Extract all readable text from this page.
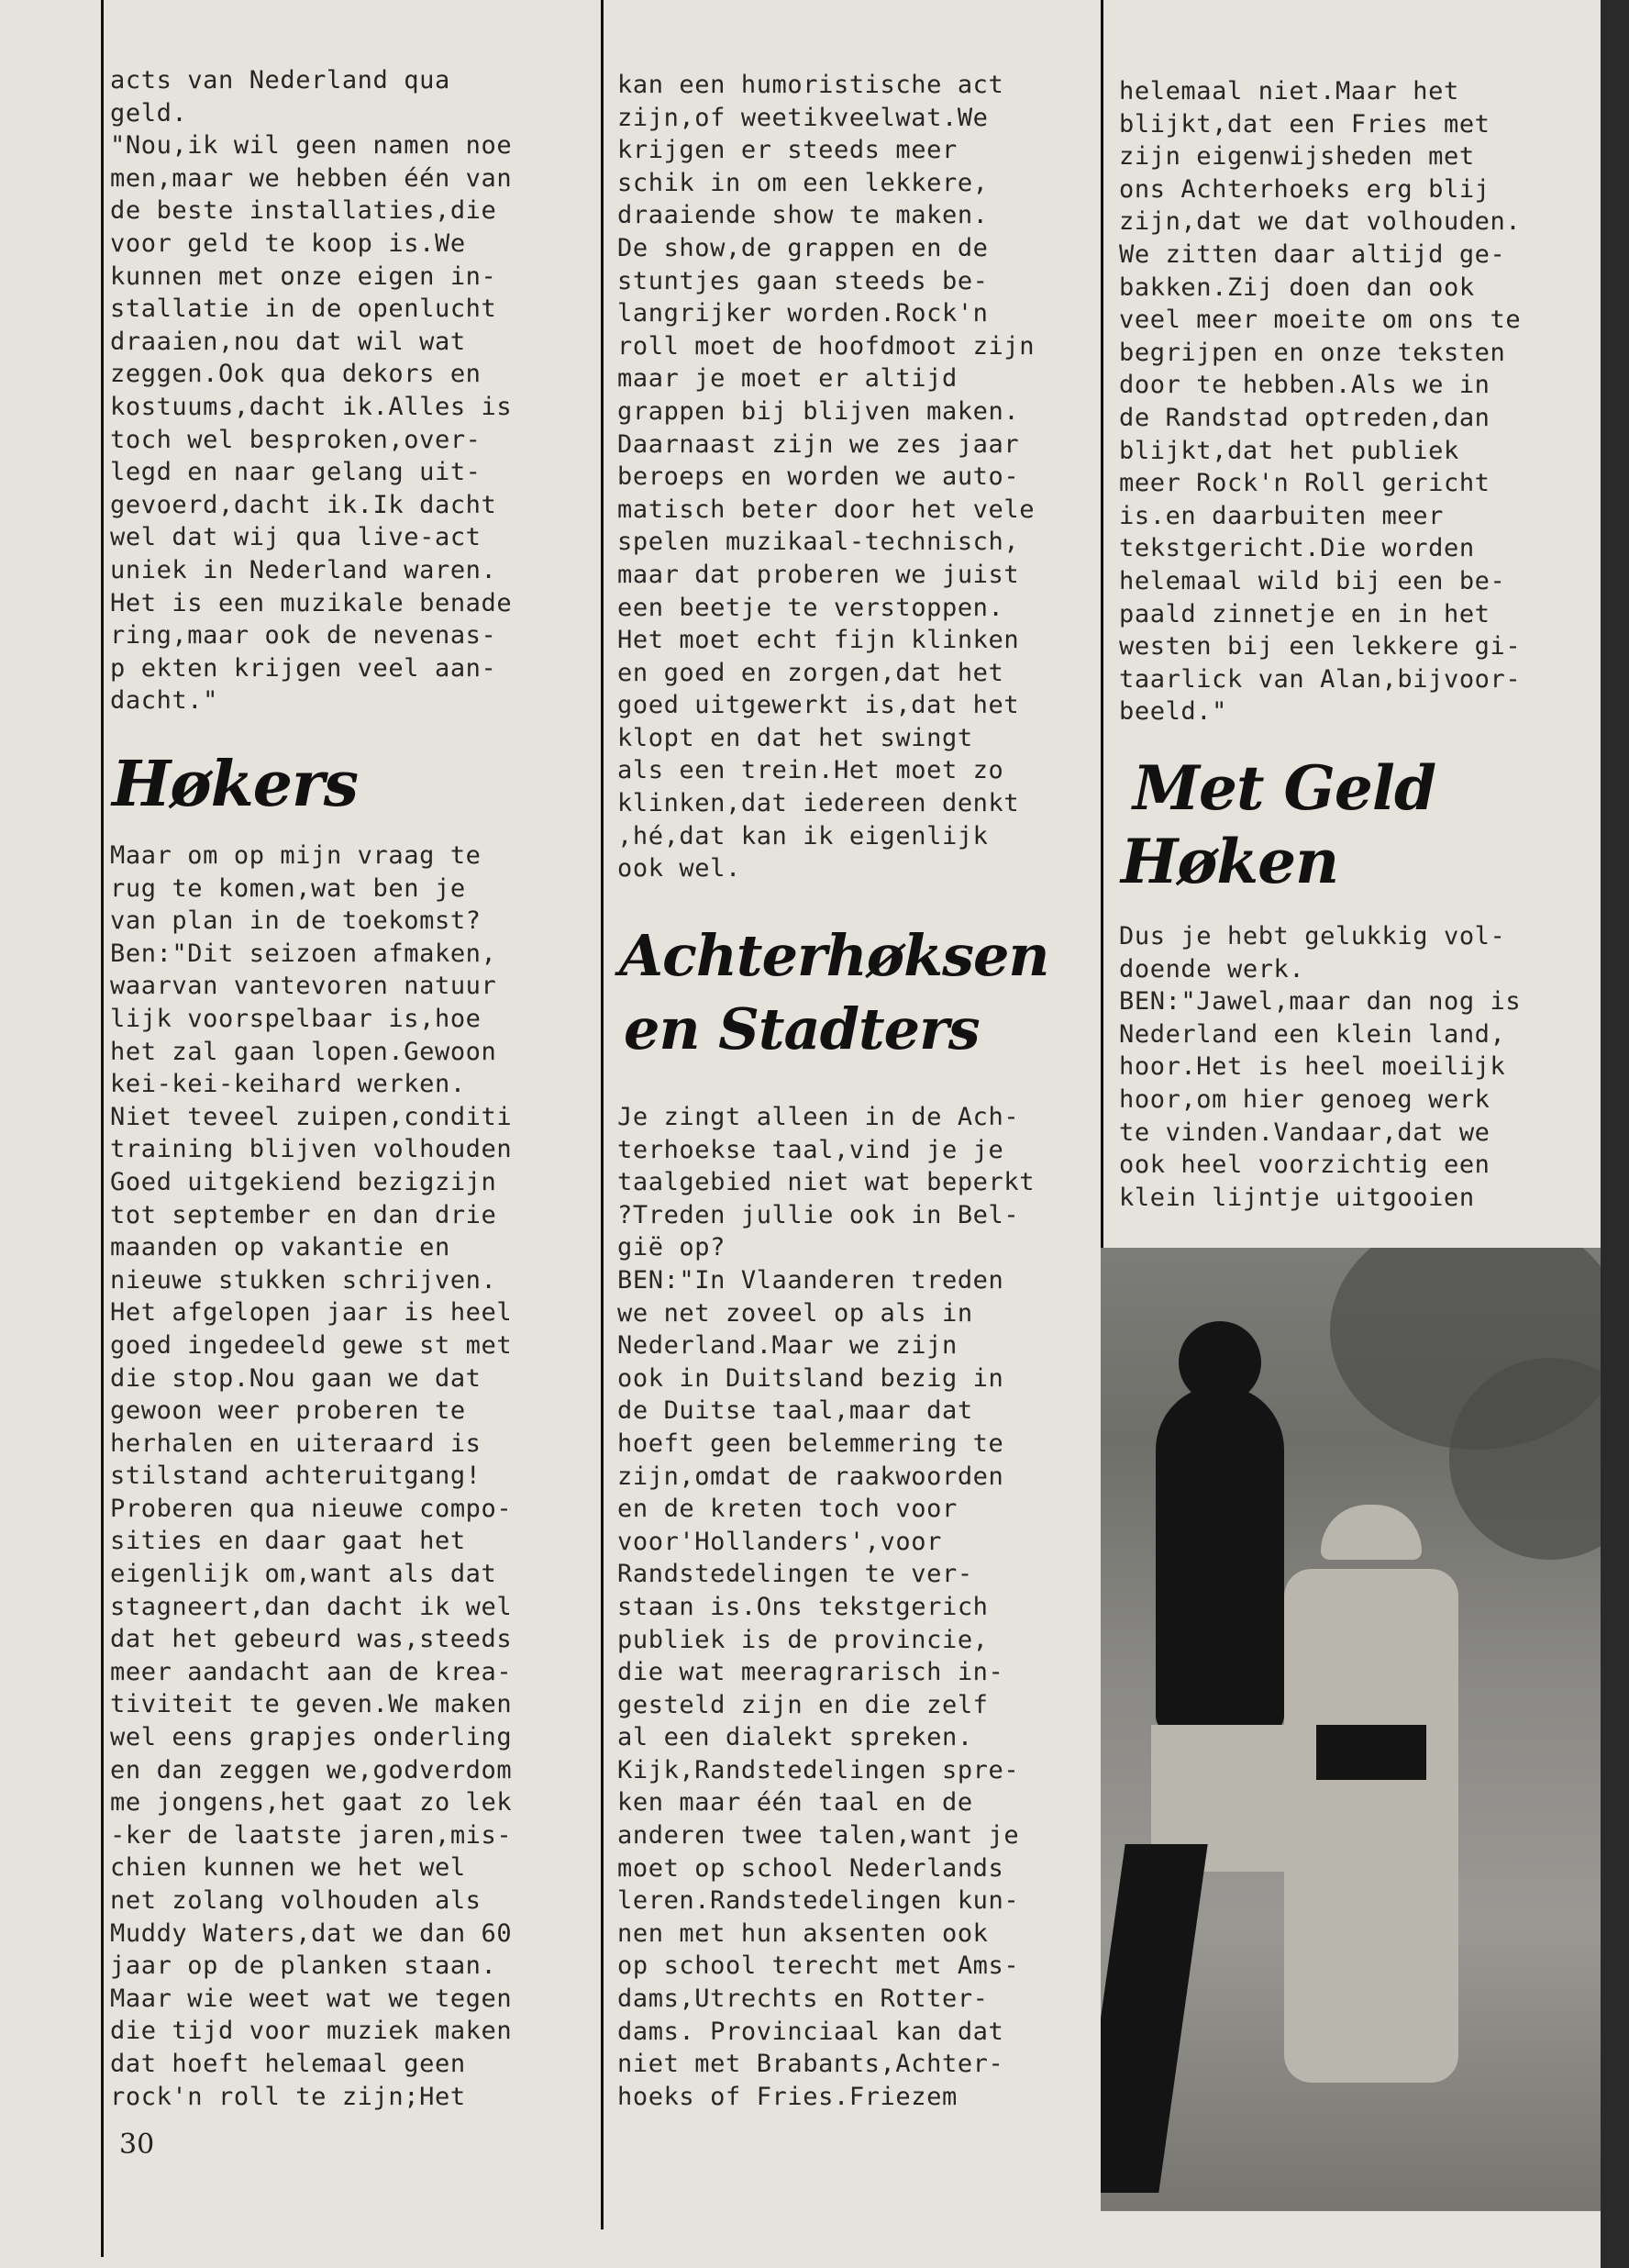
acts van Nederland qua
geld.
"Nou,ik wil geen namen noe
men,maar we hebben één van
de beste installaties,die
voor geld te koop is.We
kunnen met onze eigen in-
stallatie in de openlucht
draaien,nou dat wil wat
zeggen.Ook qua dekors en
kostuums,dacht ik.Alles is
toch wel besproken,over-
legd en naar gelang uit-
gevoerd,dacht ik.Ik dacht
wel dat wij qua live-act
uniek in Nederland waren.
Het is een muzikale benade
ring,maar ook de nevenas-
p ekten krijgen veel aan-
dacht."
Høkers
Maar om op mijn vraag te
rug te komen,wat ben je
van plan in de toekomst?
Ben:"Dit seizoen afmaken,
waarvan vantevoren natuur
lijk voorspelbaar is,hoe
het zal gaan lopen.Gewoon
kei-kei-keihard werken.
Niet teveel zuipen,conditi
training blijven volhouden
Goed uitgekiend bezigzijn
tot september en dan drie
maanden op vakantie en
nieuwe stukken schrijven.
Het afgelopen jaar is heel
goed ingedeeld gewe st met
die stop.Nou gaan we dat
gewoon weer proberen te
herhalen en uiteraard is
stilstand achteruitgang!
Proberen qua nieuwe compo-
sities en daar gaat het
eigenlijk om,want als dat
stagneert,dan dacht ik wel
dat het gebeurd was,steeds
meer aandacht aan de krea-
tiviteit te geven.We maken
wel eens grapjes onderling
en dan zeggen we,godverdom
me jongens,het gaat zo lek
-ker de laatste jaren,mis-
chien kunnen we het wel
net zolang volhouden als
Muddy Waters,dat we dan 60
jaar op de planken staan.
Maar wie weet wat we tegen
die tijd voor muziek maken
dat hoeft helemaal geen
rock'n roll te zijn;Het
kan een humoristische act
zijn,of weetikveelwat.We
krijgen er steeds meer
schik in om een lekkere,
draaiende show te maken.
De show,de grappen en de
stuntjes gaan steeds be-
langrijker worden.Rock'n
roll moet de hoofdmoot zijn
maar je moet er altijd
grappen bij blijven maken.
Daarnaast zijn we zes jaar
beroeps en worden we auto-
matisch beter door het vele
spelen muzikaal-technisch,
maar dat proberen we juist
een beetje te verstoppen.
Het moet echt fijn klinken
en goed en zorgen,dat het
goed uitgewerkt is,dat het
klopt en dat het swingt
als een trein.Het moet zo
klinken,dat iedereen denkt
,hé,dat kan ik eigenlijk
ook wel.
Achterhøksen
en Stadters
Je zingt alleen in de Ach-
terhoekse taal,vind je je
taalgebied niet wat beperkt
?Treden jullie ook in Bel-
gië op?
BEN:"In Vlaanderen treden
we net zoveel op als in
Nederland.Maar we zijn
ook in Duitsland bezig in
de Duitse taal,maar dat
hoeft geen belemmering te
zijn,omdat de raakwoorden
en de kreten toch voor
voor'Hollanders',voor
Randstedelingen te ver-
staan is.Ons tekstgerich
publiek is de provincie,
die wat meeragrarisch in-
gesteld zijn en die zelf
al een dialekt spreken.
Kijk,Randstedelingen spre-
ken maar één taal en de
anderen twee talen,want je
moet op school Nederlands
leren.Randstedelingen kun-
nen met hun aksenten ook
op school terecht met Ams-
dams,Utrechts en Rotter-
dams. Provinciaal kan dat
niet met Brabants,Achter-
hoeks of Fries.Friezem
helemaal niet.Maar het
blijkt,dat een Fries met
zijn eigenwijsheden met
ons Achterhoeks erg blij
zijn,dat we dat volhouden.
We zitten daar altijd ge-
bakken.Zij doen dan ook
veel meer moeite om ons te
begrijpen en onze teksten
door te hebben.Als we in
de Randstad optreden,dan
blijkt,dat het publiek
meer Rock'n Roll gericht
is.en daarbuiten meer
tekstgericht.Die worden
helemaal wild bij een be-
paald zinnetje en in het
westen bij een lekkere gi-
taarlick van Alan,bijvoor-
beeld."
Met Geld
Høken
Dus je hebt gelukkig vol-
doende werk.
BEN:"Jawel,maar dan nog is
Nederland een klein land,
hoor.Het is heel moeilijk
hoor,om hier genoeg werk
te vinden.Vandaar,dat we
ook heel voorzichtig een
klein lijntje uitgooien
30
